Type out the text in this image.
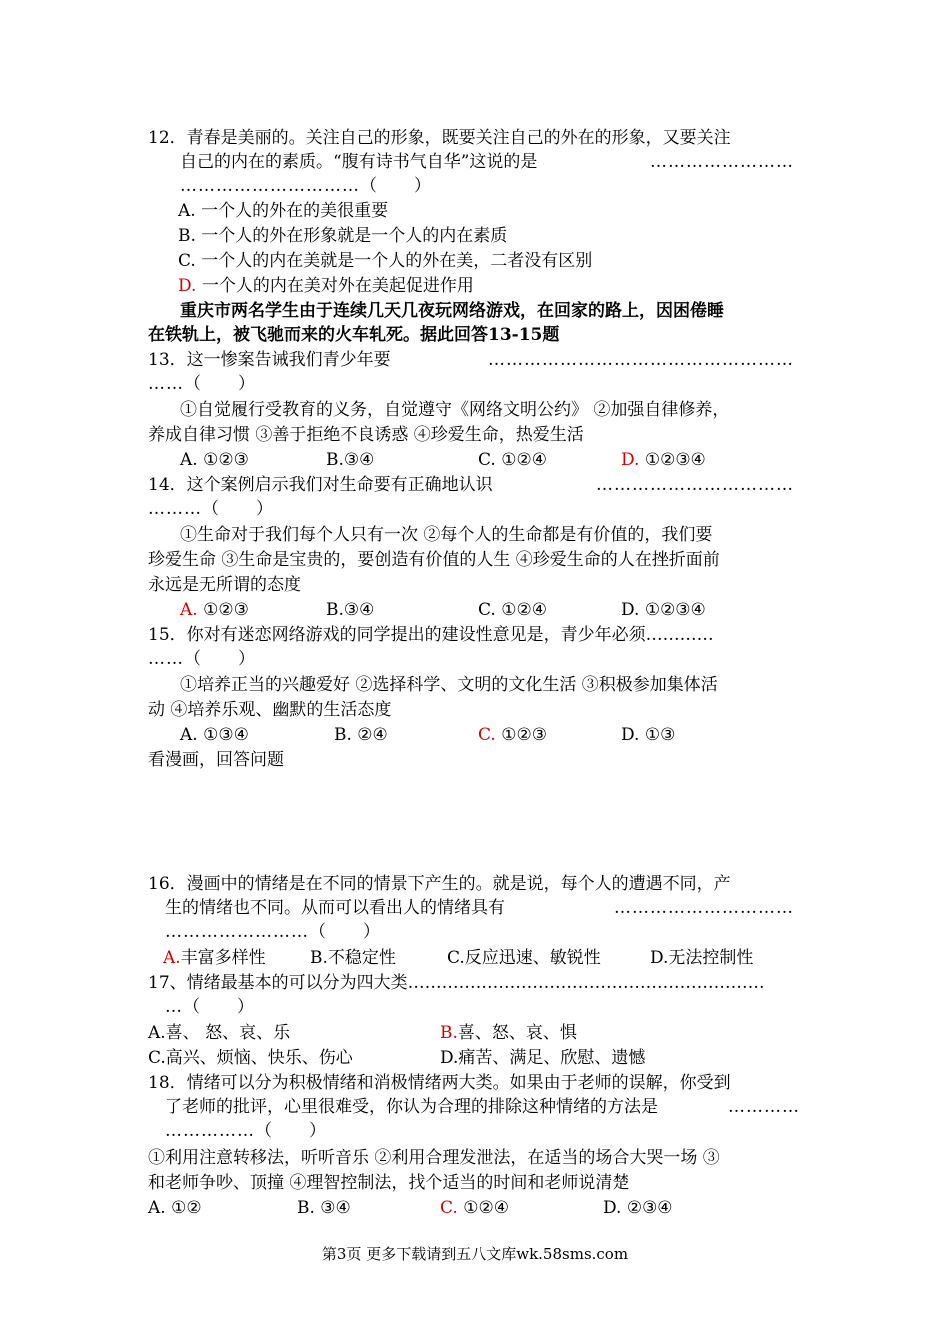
12．青春是美丽的。关注自己的形象，既要关注自己的外在的形象，又要关注
自己的内在的素质。“腹有诗书气自华”这说的是	……………………
…………………………（　　）
A. 一个人的外在的美很重要
B. 一个人的外在形象就是一个人的内在素质
C. 一个人的内在美就是一个人的外在美，二者没有区别
D. 一个人的内在美对外在美起促进作用
重庆市两名学生由于连续几天几夜玩网络游戏，在回家的路上，因困倦睡
在铁轨上，被飞驰而来的火车轧死。据此回答13-15题
13．这一惨案告诫我们青少年要	……………………………………………
……（　　）
①自觉履行受教育的义务，自觉遵守《网络文明公约》 ②加强自律修养，
养成自律习惯 ③善于拒绝不良诱惑 ④珍爱生命，热爱生活
A. ①②③	B.③④	C. ①②④	D. ①②③④
14．这个案例启示我们对生命要有正确地认识	……………………………
………（　　）
①生命对于我们每个人只有一次 ②每个人的生命都是有价值的，我们要
珍爱生命 ③生命是宝贵的，要创造有价值的人生 ④珍爱生命的人在挫折面前
永远是无所谓的态度
A. ①②③	B.③④	C. ①②④	D. ①②③④
15．你对有迷恋网络游戏的同学提出的建设性意见是，青少年必须…………
……（　　）
①培养正当的兴趣爱好 ②选择科学、文明的文化生活 ③积极参加集体活
动 ④培养乐观、幽默的生活态度
A. ①③④	B. ②④	C. ①②③	D. ①③
看漫画，回答问题
16．漫画中的情绪是在不同的情景下产生的。就是说，每个人的遭遇不同，产
生的情绪也不同。从而可以看出人的情绪具有	…………………………
……………………（　　）
A.丰富多样性	B.不稳定性	C.反应迅速、敏锐性	D.无法控制性
17、情绪最基本的可以分为四大类………………………………………………………
…（　　）
A.喜、 怒、哀、乐	B.喜、怒、哀、惧
C.高兴、烦恼、快乐、伤心	D.痛苦、满足、欣慰、遗憾
18．情绪可以分为积极情绪和消极情绪两大类。如果由于老师的误解，你受到
了老师的批评，心里很难受，你认为合理的排除这种情绪的方法是	…………
……………（　　）
①利用注意转移法，听听音乐 ②利用合理发泄法，在适当的场合大哭一场 ③
和老师争吵、顶撞 ④理智控制法，找个适当的时间和老师说清楚
A. ①②	B. ③④	C. ①②④	D. ②③④
第3页 更多下载请到五八文库wk.58sms.com
